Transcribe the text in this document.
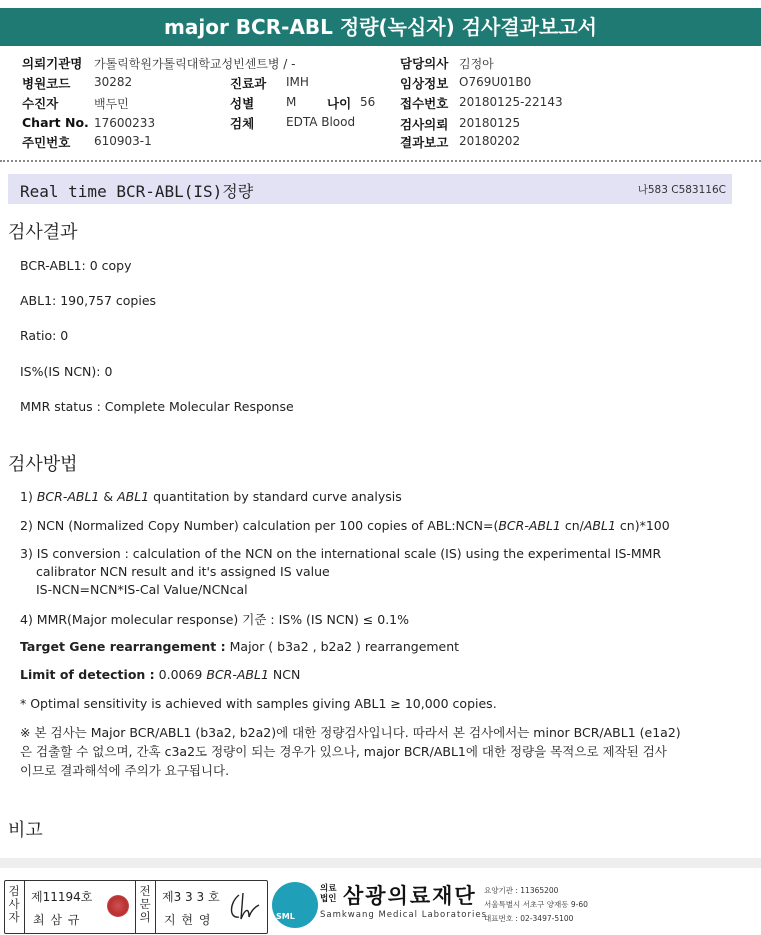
major BCR-ABL 정량(녹십자) 검사결과보고서
의뢰기관명 가톨릭학원가톨릭대학교성빈센트병 / -	담당의사 김정아
병원코드 30282	진료과 IMH	임상정보 O769U01B0
수진자	백두민	성별	M 나이 56 접수번호 20180125-22143
Chart No. 17600233	검체	EDTA Blood	검사의뢰 20180125
주민번호 610903-1	결과보고 20180202
Real time BCR-ABL(IS)정량	나583 C583116C
검사결과
BCR-ABL1: 0 copy
ABL1: 190,757 copies
Ratio: 0
IS%(IS NCN): 0
MMR status : Complete Molecular Response
검사방법
1) BCR-ABL1 & ABL1 quantitation by standard curve analysis
2) NCN (Normalized Copy Number) calculation per 100 copies of ABL:NCN=(BCR-ABL1 cn/ABL1 cn)*100
3) IS conversion : calculation of the NCN on the international scale (IS) using the experimental IS-MMR
calibrator NCN result and it's assigned IS value
IS-NCN=NCN*IS-Cal Value/NCNcal
4) MMR(Major molecular response) 기준 : IS% (IS NCN) ≤ 0.1%
Target Gene rearrangement : Major ( b3a2 , b2a2 ) rearrangement
Limit of detection : 0.0069 BCR-ABL1 NCN
* Optimal sensitivity is achieved with samples giving ABL1 ≥ 10,000 copies.
※ 본 검사는 Major BCR/ABL1 (b3a2, b2a2)에 대한 정량검사입니다. 따라서 본 검사에서는 minor BCR/ABL1 (e1a2)
은 검출할 수 없으며, 간혹 c3a2도 정량이 되는 경우가 있으나, major BCR/ABL1에 대한 정량을 목적으로 제작된 검사
이므로 결과해석에 주의가 요구됩니다.
비고
검사자
제11194호
최 삼 규
전문의
제3 3 3 호
지 현 영	SML
의료
법인 삼광의료재단
Samkwang Medical Laboratories
요양기관 : 11365200
서울특별시 서초구 양재동 9-60
대표번호 : 02-3497-5100
